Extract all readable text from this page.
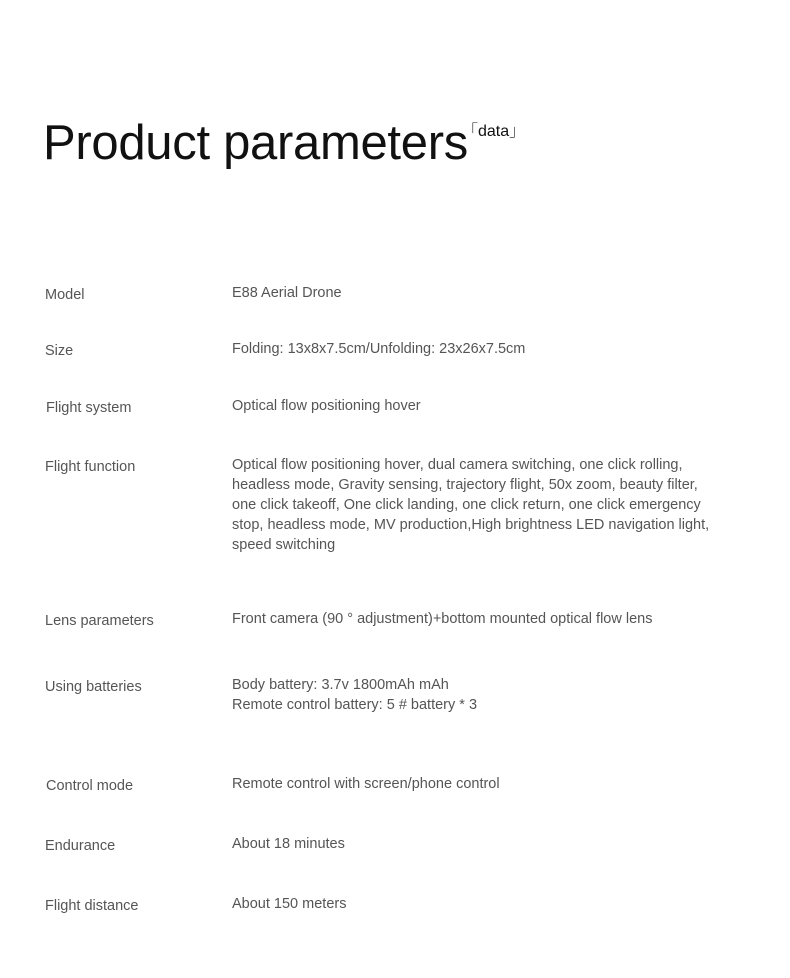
Product parameters
「data」
Model	E88 Aerial Drone
Size	Folding: 13x8x7.5cm/Unfolding: 23x26x7.5cm
Flight system	Optical flow positioning hover
Flight function	Optical flow positioning hover, dual camera switching, one click rolling,
headless mode, Gravity sensing, trajectory flight, 50x zoom, beauty filter,
one click takeoff, One click landing, one click return, one click emergency
stop, headless mode, MV production,High brightness LED navigation light,
speed switching
Lens parameters	Front camera (90 ° adjustment)+bottom mounted optical flow lens
Using batteries	Body battery: 3.7v 1800mAh mAh
Remote control battery: 5 # battery * 3
Control mode	Remote control with screen/phone control
Endurance	About 18 minutes
Flight distance	About 150 meters
